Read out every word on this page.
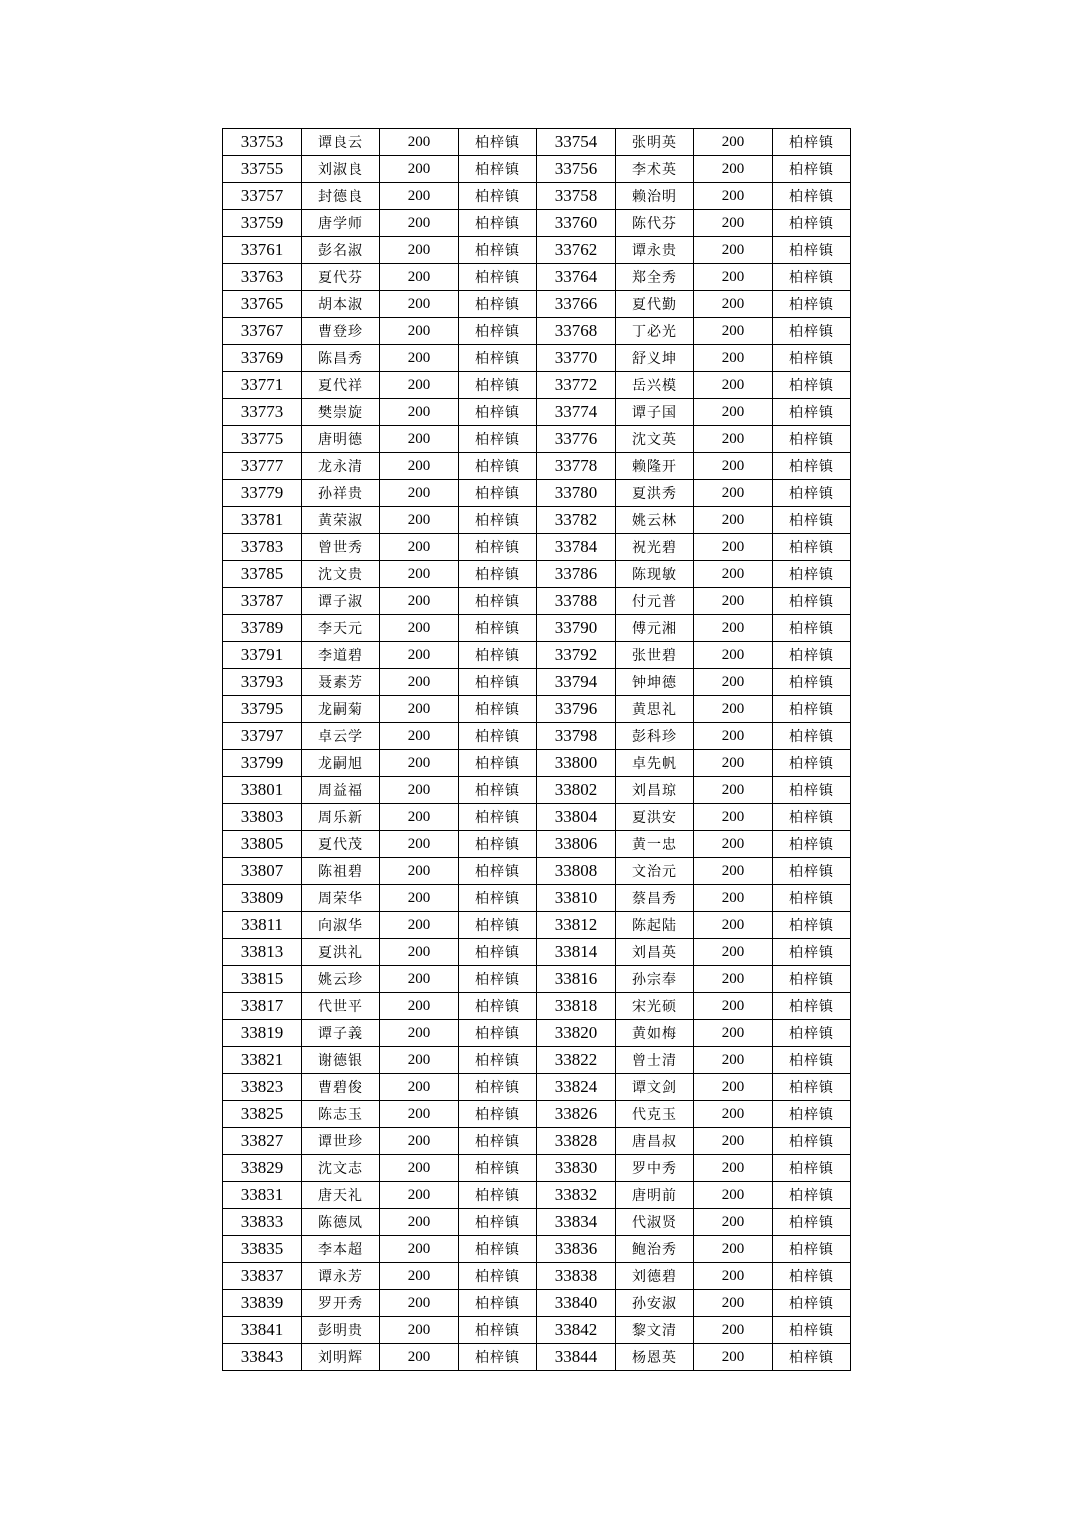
33753	谭良云	200	柏梓镇	33754	张明英	200	柏梓镇
33755	刘淑良	200	柏梓镇	33756	李术英	200	柏梓镇
33757	封德良	200	柏梓镇	33758	赖治明	200	柏梓镇
33759	唐学师	200	柏梓镇	33760	陈代芬	200	柏梓镇
33761	彭名淑	200	柏梓镇	33762	谭永贵	200	柏梓镇
33763	夏代芬	200	柏梓镇	33764	郑全秀	200	柏梓镇
33765	胡本淑	200	柏梓镇	33766	夏代勤	200	柏梓镇
33767	曹登珍	200	柏梓镇	33768	丁必光	200	柏梓镇
33769	陈昌秀	200	柏梓镇	33770	舒义坤	200	柏梓镇
33771	夏代祥	200	柏梓镇	33772	岳兴模	200	柏梓镇
33773	樊崇旋	200	柏梓镇	33774	谭子国	200	柏梓镇
33775	唐明德	200	柏梓镇	33776	沈文英	200	柏梓镇
33777	龙永清	200	柏梓镇	33778	赖隆开	200	柏梓镇
33779	孙祥贵	200	柏梓镇	33780	夏洪秀	200	柏梓镇
33781	黄荣淑	200	柏梓镇	33782	姚云林	200	柏梓镇
33783	曾世秀	200	柏梓镇	33784	祝光碧	200	柏梓镇
33785	沈文贵	200	柏梓镇	33786	陈现敏	200	柏梓镇
33787	谭子淑	200	柏梓镇	33788	付元普	200	柏梓镇
33789	李天元	200	柏梓镇	33790	傅元湘	200	柏梓镇
33791	李道碧	200	柏梓镇	33792	张世碧	200	柏梓镇
33793	聂素芳	200	柏梓镇	33794	钟坤德	200	柏梓镇
33795	龙嗣菊	200	柏梓镇	33796	黄思礼	200	柏梓镇
33797	卓云学	200	柏梓镇	33798	彭科珍	200	柏梓镇
33799	龙嗣旭	200	柏梓镇	33800	卓先帆	200	柏梓镇
33801	周益福	200	柏梓镇	33802	刘昌琼	200	柏梓镇
33803	周乐新	200	柏梓镇	33804	夏洪安	200	柏梓镇
33805	夏代茂	200	柏梓镇	33806	黄一忠	200	柏梓镇
33807	陈祖碧	200	柏梓镇	33808	文治元	200	柏梓镇
33809	周荣华	200	柏梓镇	33810	蔡昌秀	200	柏梓镇
33811	向淑华	200	柏梓镇	33812	陈起陆	200	柏梓镇
33813	夏洪礼	200	柏梓镇	33814	刘昌英	200	柏梓镇
33815	姚云珍	200	柏梓镇	33816	孙宗奉	200	柏梓镇
33817	代世平	200	柏梓镇	33818	宋光硕	200	柏梓镇
33819	谭子義	200	柏梓镇	33820	黄如梅	200	柏梓镇
33821	谢德银	200	柏梓镇	33822	曾士清	200	柏梓镇
33823	曹碧俊	200	柏梓镇	33824	谭文剑	200	柏梓镇
33825	陈志玉	200	柏梓镇	33826	代克玉	200	柏梓镇
33827	谭世珍	200	柏梓镇	33828	唐昌叔	200	柏梓镇
33829	沈文志	200	柏梓镇	33830	罗中秀	200	柏梓镇
33831	唐天礼	200	柏梓镇	33832	唐明前	200	柏梓镇
33833	陈德凤	200	柏梓镇	33834	代淑贤	200	柏梓镇
33835	李本超	200	柏梓镇	33836	鲍治秀	200	柏梓镇
33837	谭永芳	200	柏梓镇	33838	刘德碧	200	柏梓镇
33839	罗开秀	200	柏梓镇	33840	孙安淑	200	柏梓镇
33841	彭明贵	200	柏梓镇	33842	黎文清	200	柏梓镇
33843	刘明辉	200	柏梓镇	33844	杨恩英	200	柏梓镇
